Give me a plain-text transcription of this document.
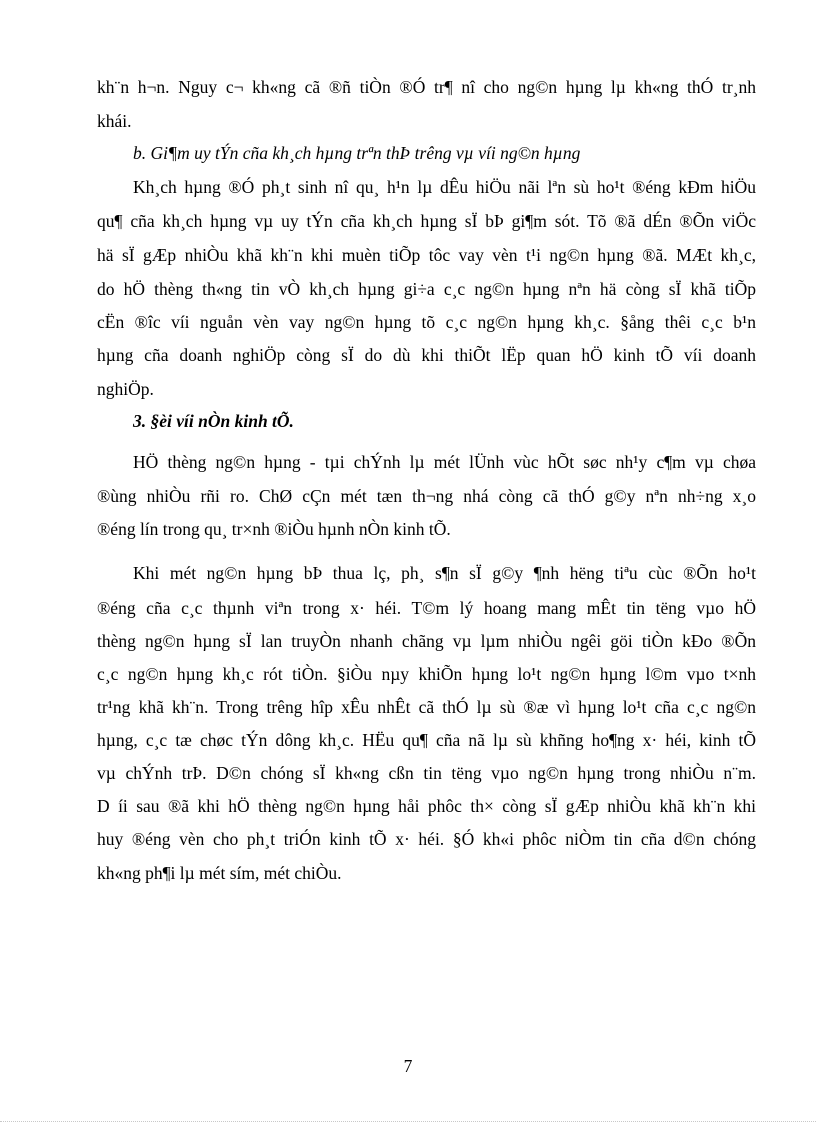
kh¨n h¬n. Nguy c¬ kh«ng cã ®ñ tiÒn ®Ó tr¶ nî cho ng©n hµng lµ kh«ng thÓ tr¸nh
khái.
b. Gi¶m uy tÝn cña kh¸ch hµng trªn thÞ trêng vµ víi ng©n hµng
Kh¸ch hµng ®Ó ph¸t sinh nî qu¸ h¹n lµ dÊu hiÖu nãi lªn sù ho¹t ®éng kÐm hiÖu
qu¶ cña kh¸ch hµng vµ uy tÝn cña kh¸ch hµng sÏ bÞ gi¶m sót. Tõ ®ã dÉn ®Õn viÖc
hä sÏ gÆp nhiÒu khã kh¨n khi muèn tiÕp tôc vay vèn t¹i ng©n hµng ®ã. MÆt kh¸c,
do hÖ thèng th«ng tin vÒ kh¸ch hµng gi÷a c¸c ng©n hµng nªn hä còng sÏ khã tiÕp
cËn ®îc víi nguån vèn vay ng©n hµng tõ c¸c ng©n hµng kh¸c. §ång thêi c¸c b¹n
hµng cña doanh nghiÖp còng sÏ do dù khi thiÕt lËp quan hÖ kinh tÕ víi doanh
nghiÖp.
3. §èi víi nÒn kinh tÕ.
HÖ thèng ng©n hµng - tµi chÝnh lµ mét lÜnh vùc hÕt søc nh¹y c¶m vµ chøa
®ùng nhiÒu rñi ro. ChØ cÇn mét tæn th¬ng nhá còng cã thÓ g©y nªn nh÷ng x¸o
®éng lín trong qu¸ tr×nh ®iÒu hµnh nÒn kinh tÕ.
Khi mét ng©n hµng bÞ thua lç, ph¸ s¶n sÏ g©y ¶nh hëng tiªu cùc ®Õn ho¹t
®éng cña c¸c thµnh viªn trong x· héi. T©m lý hoang mang mÊt tin tëng vµo hÖ
thèng ng©n hµng sÏ lan truyÒn nhanh chãng vµ lµm nhiÒu ngêi göi tiÒn kÐo ®Õn
c¸c ng©n hµng kh¸c rót tiÒn. §iÒu nµy khiÕn hµng lo¹t ng©n hµng l©m vµo t×nh
tr¹ng khã kh¨n. Trong trêng hîp xÊu nhÊt cã thÓ lµ sù ®æ vì hµng lo¹t cña c¸c ng©n
hµng, c¸c tæ chøc tÝn dông kh¸c. HËu qu¶ cña nã lµ sù khñng ho¶ng x· héi, kinh tÕ
vµ chÝnh trÞ. D©n chóng sÏ kh«ng cßn tin tëng vµo ng©n hµng trong nhiÒu n¨m.
D íi sau ®ã khi hÖ thèng ng©n hµng håi phôc th× còng sÏ gÆp nhiÒu khã kh¨n khi
huy ®éng vèn cho ph¸t triÓn kinh tÕ x· héi. §Ó kh«i phôc niÒm tin cña d©n chóng
kh«ng ph¶i lµ mét sím, mét chiÒu.
7
